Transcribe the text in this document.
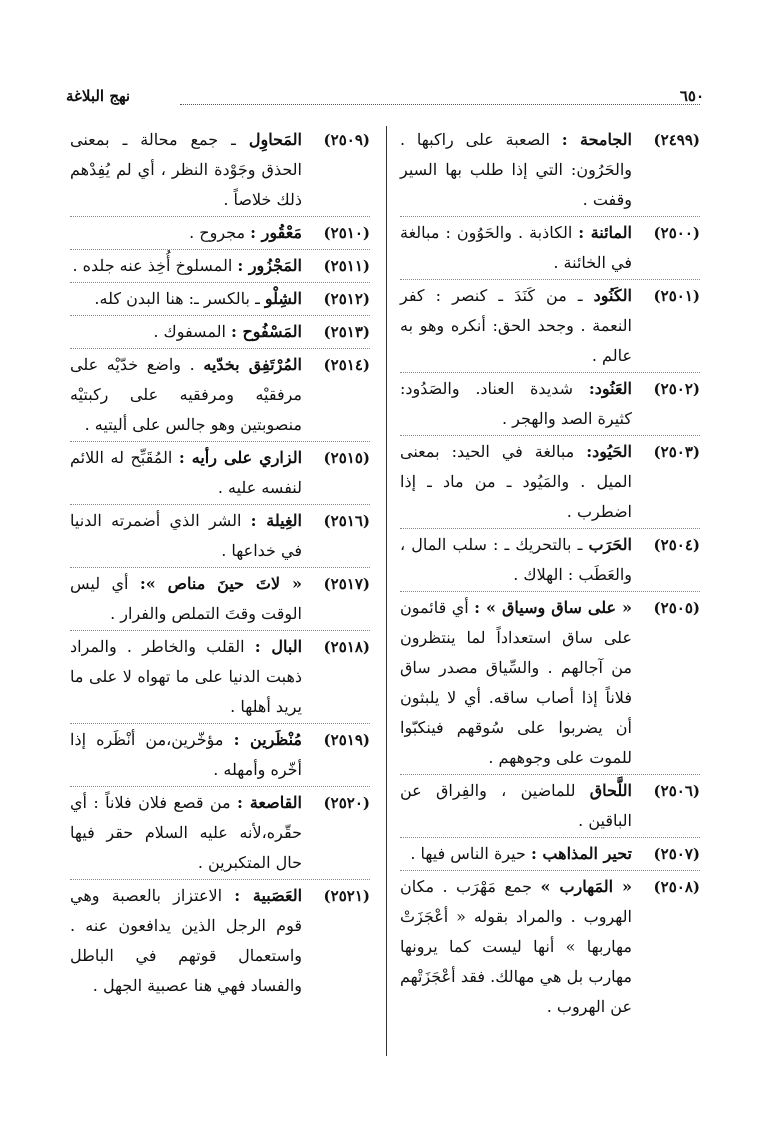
٦٥٠
نهج البلاغة
(٢٤٩٩)
الجامحة : الصعبة على راكبها . والحَرُون: التي إذا طلب بها السير وقفت .
(٢٥٠٠)
المائنة : الكاذبة . والحَوُون : مبالغة في الخائنة .
(٢٥٠١)
الكَنُود ـ من كَنَدَ ـ كنصر : كفر النعمة . وجحد الحق: أنكره وهو به عالم .
(٢٥٠٢)
العَنُود: شديدة العناد. والصَدُود: كثيرة الصد والهجر .
(٢٥٠٣)
الحَيُود: مبالغة في الحيد: بمعنى الميل . والمَيُود ـ من ماد ـ إذا اضطرب .
(٢٥٠٤)
الحَرَب ـ بالتحريك ـ : سلب المال ، والعَطَب : الهلاك .
(٢٥٠٥)
« على ساق وسياق » : أي قائمون على ساق استعداداً لما ينتظرون من آجالهم . والسِّياق مصدر ساق فلاناً إذا أصاب ساقه. أي لا يلبثون أن يضربوا على سُوقهم فينكبّوا للموت على وجوههم .
(٢٥٠٦)
اللَّحاق للماضين ، والفِراق عن الباقين .
(٢٥٠٧)
تحير المذاهب : حيرة الناس فيها .
(٢٥٠٨)
« المَهارب » جمع مَهْرَب . مكان الهروب . والمراد بقوله « أعْجَزَتْ مهاربها » أنها ليست كما يرونها مهارب بل هي مهالك. فقد أعْجَزَتْهم عن الهروب .
(٢٥٠٩)
المَحاوِل ـ جمع محالة ـ بمعنى الحذق وجَوْدة النظر ، أي لم يُفِدْهم ذلك خلاصاً .
(٢٥١٠)
مَعْقُور : مجروح .
(٢٥١١)
المَجْزُور : المسلوخ أُخِذ عنه جلده .
(٢٥١٢)
الشِلْو ـ بالكسر ـ: هنا البدن كله.
(٢٥١٣)
المَسْفُوح : المسفوك .
(٢٥١٤)
المُرْتَفِق بخدّيه . واضع خدّيْه على مرفقيْه ومرفقيه على ركبتيْه منصوبتين وهو جالس على أليتيه .
(٢٥١٥)
الزاري على رأيه : المُقَبِّح له اللائم لنفسه عليه .
(٢٥١٦)
الغِيلة : الشر الذي أضمرته الدنيا في خداعها .
(٢٥١٧)
« لاتَ حينَ مناص »: أي ليس الوقت وقتَ التملص والفرار .
(٢٥١٨)
البال : القلب والخاطر . والمراد ذهبت الدنيا على ما تهواه لا على ما يريد أهلها .
(٢٥١٩)
مُنْظَرين : مؤخّرين،من أنْظَره إذا أخّره وأمهله .
(٢٥٢٠)
القاصعة : من قصع فلان فلاناً : أي حقّره،لأنه عليه السلام حقر فيها حال المتكبرين .
(٢٥٢١)
العَصَبية : الاعتزاز بالعصبة وهي قوم الرجل الذين يدافعون عنه . واستعمال قوتهم في الباطل والفساد فهي هنا عصبية الجهل .
